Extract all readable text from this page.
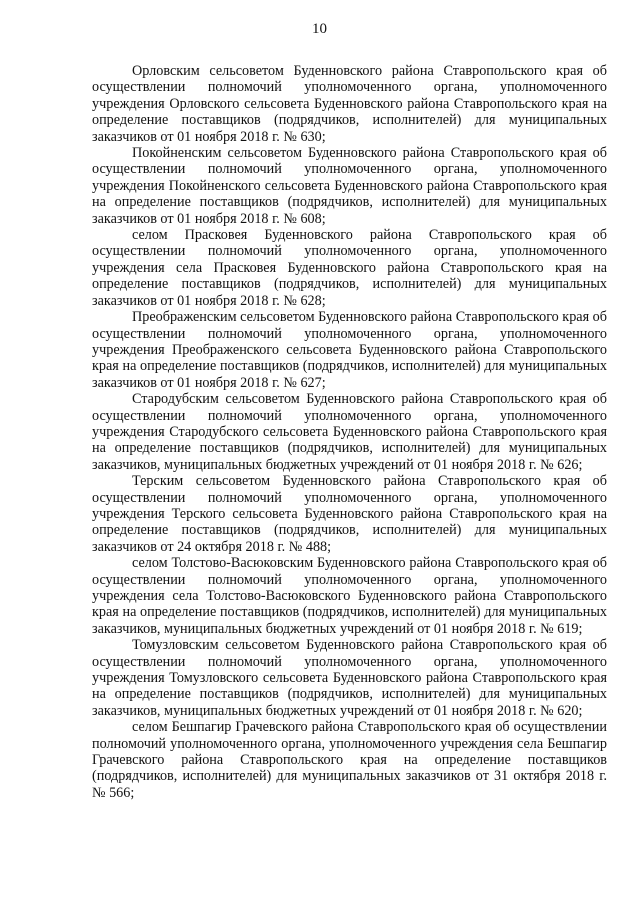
10

Орловским сельсоветом Буденновского района Ставропольского края об осуществлении полномочий уполномоченного органа, уполномоченного учреждения Орловского сельсовета Буденновского района Ставропольского края на определение поставщиков (подрядчиков, исполнителей) для муниципальных заказчиков от 01 ноября 2018 г. № 630;

Покойненским сельсоветом Буденновского района Ставропольского края об осуществлении полномочий уполномоченного органа, уполномоченного учреждения Покойненского сельсовета Буденновского района Ставропольского края на определение поставщиков (подрядчиков, исполнителей) для муниципальных заказчиков от 01 ноября 2018 г. № 608;

селом Прасковея Буденновского района Ставропольского края об осуществлении полномочий уполномоченного органа, уполномоченного учреждения села Прасковея Буденновского района Ставропольского края на определение поставщиков (подрядчиков, исполнителей) для муниципальных заказчиков от 01 ноября 2018 г. № 628;

Преображенским сельсоветом Буденновского района Ставропольского края об осуществлении полномочий уполномоченного органа, уполномоченного учреждения Преображенского сельсовета Буденновского района Ставропольского края на определение поставщиков (подрядчиков, исполнителей) для муниципальных заказчиков от 01 ноября 2018 г. № 627;

Стародубским сельсоветом Буденновского района Ставропольского края об осуществлении полномочий уполномоченного органа, уполномоченного учреждения Стародубского сельсовета Буденновского района Ставропольского края на определение поставщиков (подрядчиков, исполнителей) для муниципальных заказчиков, муниципальных бюджетных учреждений от 01 ноября 2018 г. № 626;

Терским сельсоветом Буденновского района Ставропольского края об осуществлении полномочий уполномоченного органа, уполномоченного учреждения Терского сельсовета Буденновского района Ставропольского края на определение поставщиков (подрядчиков, исполнителей) для муниципальных заказчиков от 24 октября 2018 г. № 488;

селом Толстово-Васюковским Буденновского района Ставропольского края об осуществлении полномочий уполномоченного органа, уполномоченного учреждения села Толстово-Васюковского Буденновского района Ставропольского края на определение поставщиков (подрядчиков, исполнителей) для муниципальных заказчиков, муниципальных бюджетных учреждений от 01 ноября 2018 г. № 619;

Томузловским сельсоветом Буденновского района Ставропольского края об осуществлении полномочий уполномоченного органа, уполномоченного учреждения Томузловского сельсовета Буденновского района Ставропольского края на определение поставщиков (подрядчиков, исполнителей) для муниципальных заказчиков, муниципальных бюджетных учреждений от 01 ноября 2018 г. № 620;

селом Бешпагир Грачевского района Ставропольского края об осуществлении полномочий уполномоченного органа, уполномоченного учреждения села Бешпагир Грачевского района Ставропольского края на определение поставщиков (подрядчиков, исполнителей) для муниципальных заказчиков от 31 октября 2018 г. № 566;
